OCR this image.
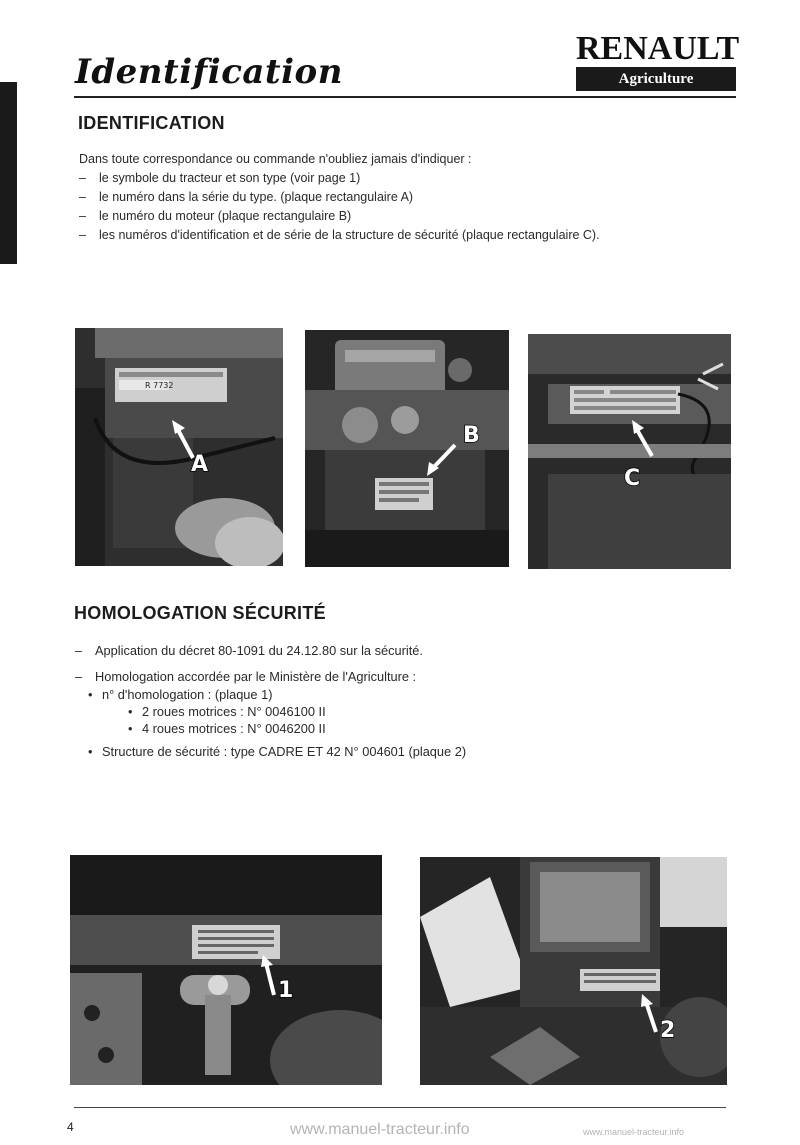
Identification
RENAULT
Agriculture
IDENTIFICATION
Dans toute correspondance ou commande n'oubliez jamais d'indiquer :
– le symbole du tracteur et son type (voir page 1)
– le numéro dans la série du type. (plaque rectangulaire A)
– le numéro du moteur (plaque rectangulaire B)
– les numéros d'identification et de série de la structure de sécurité (plaque rectangulaire C).
R 7732
A
B
C
HOMOLOGATION SÉCURITÉ
– Application du décret 80-1091 du 24.12.80 sur la sécurité.
– Homologation accordée par le Ministère de l'Agriculture :
• n° d'homologation : (plaque 1)
• 2 roues motrices : N° 0046100 II
• 4 roues motrices : N° 0046200 II
• Structure de sécurité : type CADRE ET 42 N° 004601 (plaque 2)
1
2
4	www.manuel-tracteur.info	www.manuel-tracteur.info
